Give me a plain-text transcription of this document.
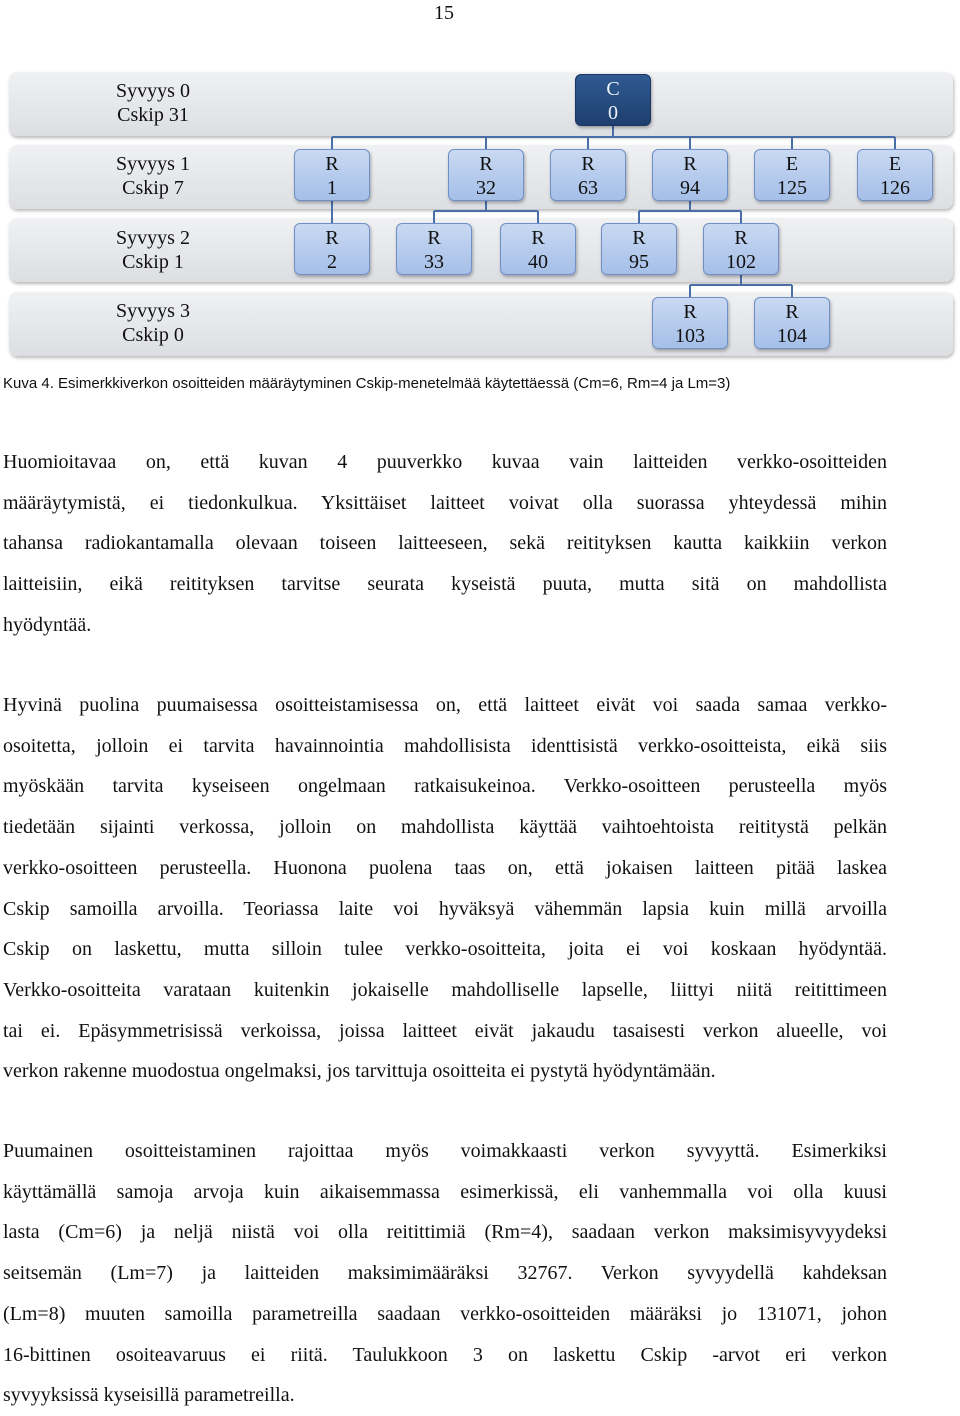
15
Syvyys 0
Cskip 31
Syvyys 1
Cskip 7
Syvyys 2
Cskip 1
Syvyys 3
Cskip 0
C
0
R
1
R
32
R
63
R
94
E
125
E
126
R
2
R
33
R
40
R
95
R
102
R
103
R
104
Kuva 4. Esimerkkiverkon osoitteiden määräytyminen Cskip-menetelmää käytettäessä (Cm=6, Rm=4 ja Lm=3)
Huomioitavaa on, että kuvan 4 puuverkko kuvaa vain laitteiden verkko-osoitteiden
määräytymistä, ei tiedonkulkua. Yksittäiset laitteet voivat olla suorassa yhteydessä mihin
tahansa radiokantamalla olevaan toiseen laitteeseen, sekä reitityksen kautta kaikkiin verkon
laitteisiin, eikä reitityksen tarvitse seurata kyseistä puuta, mutta sitä on mahdollista
hyödyntää.
Hyvinä puolina puumaisessa osoitteistamisessa on, että laitteet eivät voi saada samaa verkko-
osoitetta, jolloin ei tarvita havainnointia mahdollisista identtisistä verkko-osoitteista, eikä siis
myöskään tarvita kyseiseen ongelmaan ratkaisukeinoa. Verkko-osoitteen perusteella myös
tiedetään sijainti verkossa, jolloin on mahdollista käyttää vaihtoehtoista reititystä pelkän
verkko-osoitteen perusteella. Huonona puolena taas on, että jokaisen laitteen pitää laskea
Cskip samoilla arvoilla. Teoriassa laite voi hyväksyä vähemmän lapsia kuin millä arvoilla
Cskip on laskettu, mutta silloin tulee verkko-osoitteita, joita ei voi koskaan hyödyntää.
Verkko-osoitteita varataan kuitenkin jokaiselle mahdolliselle lapselle, liittyi niitä reitittimeen
tai ei. Epäsymmetrisissä verkoissa, joissa laitteet eivät jakaudu tasaisesti verkon alueelle, voi
verkon rakenne muodostua ongelmaksi, jos tarvittuja osoitteita ei pystytä hyödyntämään.
Puumainen osoitteistaminen rajoittaa myös voimakkaasti verkon syvyyttä. Esimerkiksi
käyttämällä samoja arvoja kuin aikaisemmassa esimerkissä, eli vanhemmalla voi olla kuusi
lasta (Cm=6) ja neljä niistä voi olla reitittimiä (Rm=4), saadaan verkon maksimisyvyydeksi
seitsemän (Lm=7) ja laitteiden maksimimääräksi 32767. Verkon syvyydellä kahdeksan
(Lm=8) muuten samoilla parametreilla saadaan verkko-osoitteiden määräksi jo 131071, johon
16-bittinen osoiteavaruus ei riitä. Taulukkoon 3 on laskettu Cskip -arvot eri verkon
syvyyksissä kyseisillä parametreilla.
